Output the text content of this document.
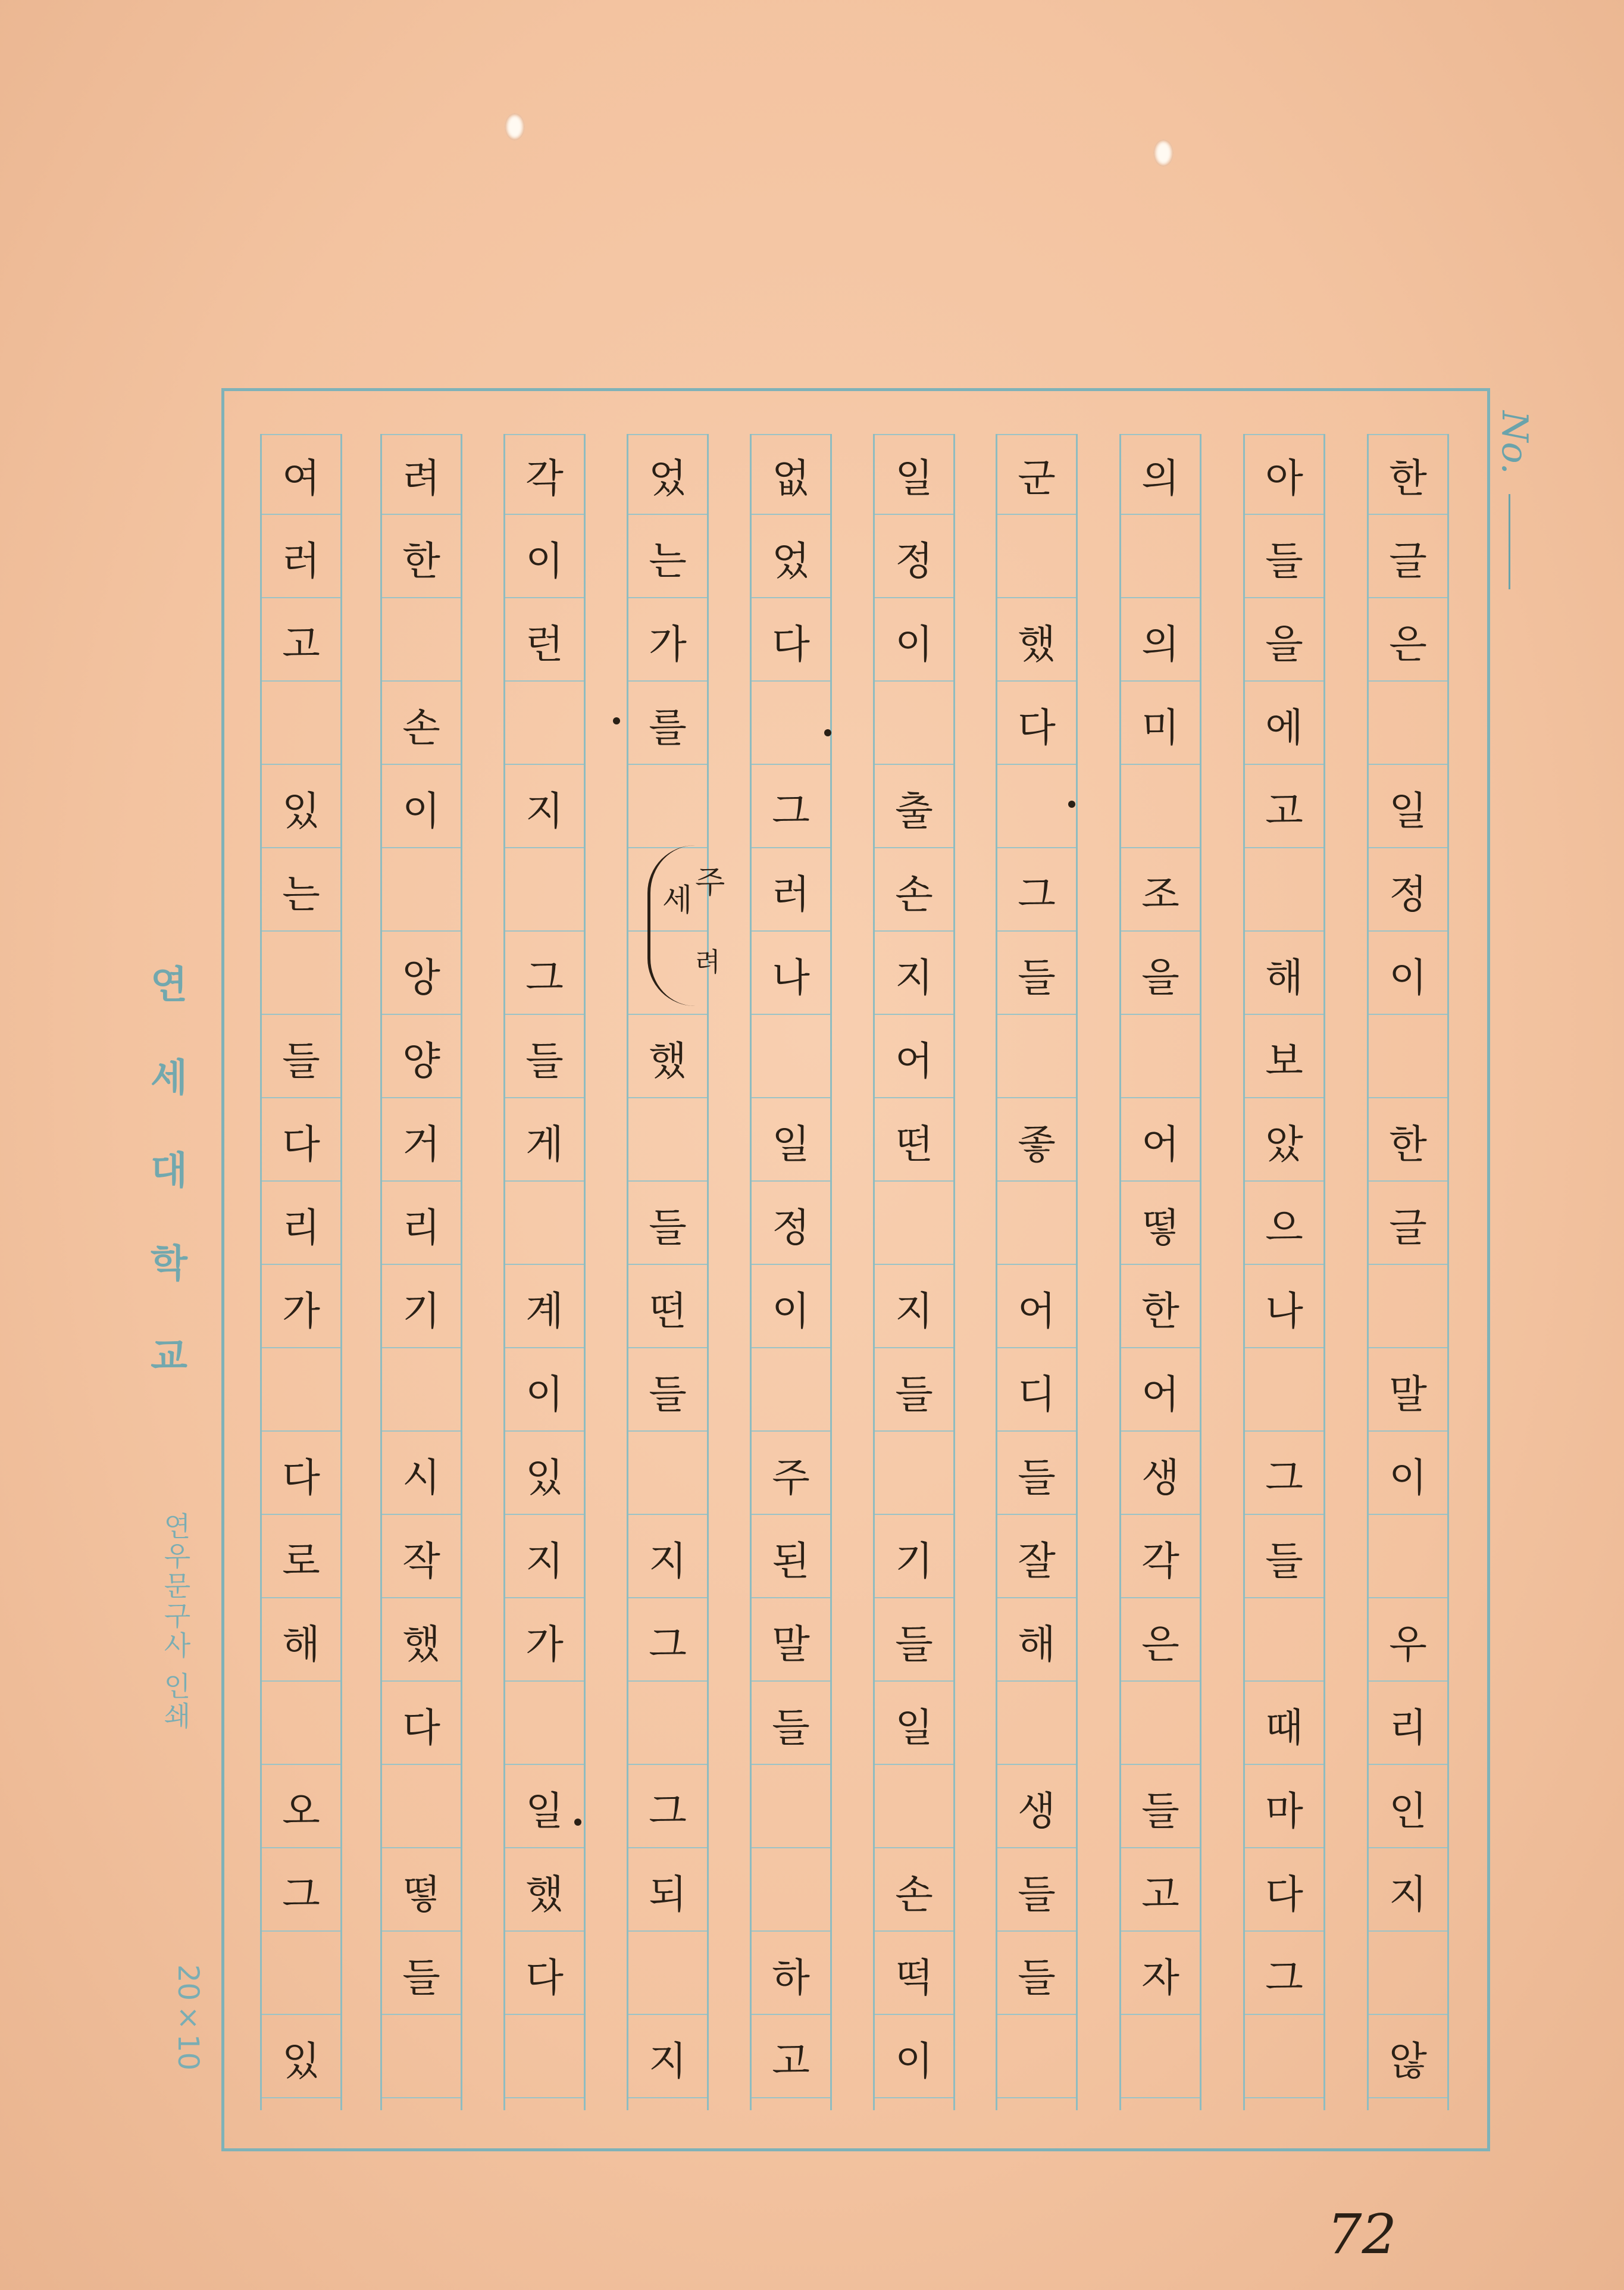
No.
한
글
은
일
정
이
한
글
말
이
우
리
인
지
않
아
들
을
에
고
해
보
았
으
나
그
들
때
마
다
그
의
의
미
조
을
어
떻
한
어
생
각
은
들
고
자
군
했
다
그
들
좋
어
디
들
잘
해
생
들
들
일
정
이
출
손
지
어
떤
지
들
기
들
일
손
떡
이
없
었
다
그
러
나
일
정
이
주
된
말
들
하
고
었
는
가
를
했
들
떤
들
지
그
그
되
지
각
이
런
지
그
들
게
계
이
있
지
가
일
했
다
려
한
손
이
앙
양
거
리
기
시
작
했
다
떻
들
여
러
고
있
는
들
다
리
가
다
로
해
오
그
있
연세대학교
연우문구사 인쇄
20×10
세 주
려
72
